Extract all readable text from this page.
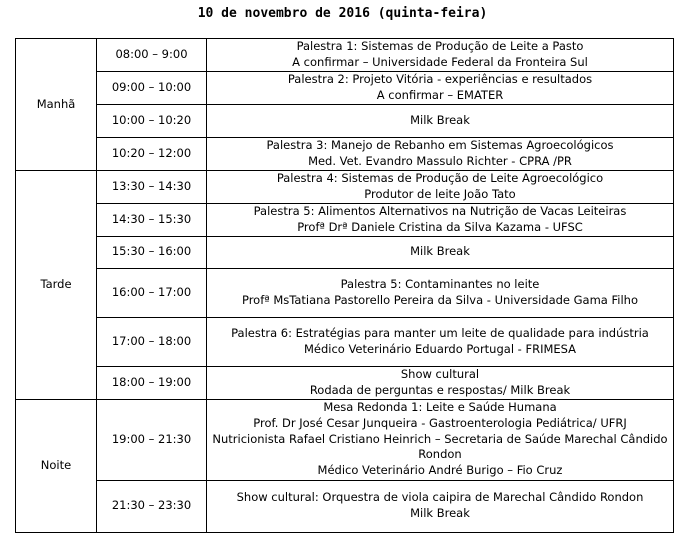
10 de novembro de 2016 (quinta-feira)
Manhã	08:00 – 9:00	Palestra 1: Sistemas de Produção de Leite a Pasto
A confirmar – Universidade Federal da Fronteira Sul

	09:00 – 10:00	Palestra 2: Projeto Vitória - experiências e resultados
A confirmar – EMATER

	10:00 – 10:20	Milk Break

	10:20 – 12:00	Palestra 3: Manejo de Rebanho em Sistemas Agroecológicos
Med. Vet. Evandro Massulo Richter - CPRA /PR

Tarde	13:30 – 14:30	Palestra 4: Sistemas de Produção de Leite Agroecológico
Produtor de leite João Tato

	14:30 – 15:30	Palestra 5: Alimentos Alternativos na Nutrição de Vacas Leiteiras
Profª Drª Daniele Cristina da Silva Kazama - UFSC

	15:30 – 16:00	Milk Break

	16:00 – 17:00	Palestra 5: Contaminantes no leite
Profª MsTatiana Pastorello Pereira da Silva - Universidade Gama Filho

	17:00 – 18:00	Palestra 6: Estratégias para manter um leite de qualidade para indústria
Médico Veterinário Eduardo Portugal - FRIMESA

	18:00 – 19:00	Show cultural
Rodada de perguntas e respostas/ Milk Break

Noite	19:00 – 21:30	Mesa Redonda 1: Leite e Saúde Humana
Prof. Dr José Cesar Junqueira - Gastroenterologia Pediátrica/ UFRJ
Nutricionista Rafael Cristiano Heinrich – Secretaria de Saúde Marechal Cândido Rondon
Médico Veterinário André Burigo – Fio Cruz

	21:30 – 23:30	Show cultural: Orquestra de viola caipira de Marechal Cândido Rondon
Milk Break
